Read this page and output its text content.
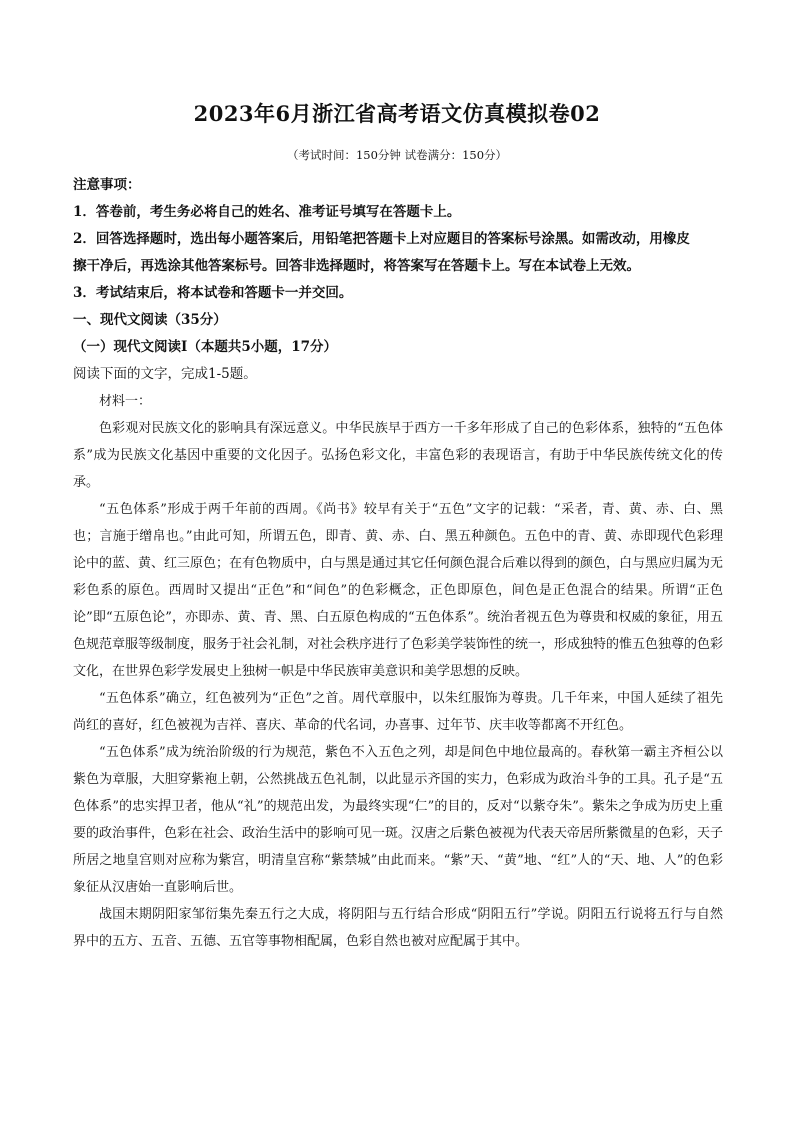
2023年6月浙江省高考语文仿真模拟卷02
（考试时间：150分钟 试卷满分：150分）
注意事项：
1．答卷前，考生务必将自己的姓名、准考证号填写在答题卡上。
2．回答选择题时，选出每小题答案后，用铅笔把答题卡上对应题目的答案标号涂黑。如需改动，用橡皮
擦干净后，再选涂其他答案标号。回答非选择题时，将答案写在答题卡上。写在本试卷上无效。
3．考试结束后，将本试卷和答题卡一并交回。
一、现代文阅读（35分）
（一）现代文阅读Ⅰ（本题共5小题，17分）
阅读下面的文字，完成1-5题。
材料一：

色彩观对民族文化的影响具有深远意义。中华民族早于西方一千多年形成了自己的色彩体系，独特的“五色体系”成为民族文化基因中重要的文化因子。弘扬色彩文化，丰富色彩的表现语言，有助于中华民族传统文化的传承。

“五色体系”形成于两千年前的西周。《尚书》较早有关于“五色”文字的记载：“采者，青、黄、赤、白、黑也；言施于缯帛也。”由此可知，所谓五色，即青、黄、赤、白、黑五种颜色。五色中的青、黄、赤即现代色彩理论中的蓝、黄、红三原色；在有色物质中，白与黑是通过其它任何颜色混合后难以得到的颜色，白与黑应归属为无彩色系的原色。西周时又提出“正色”和“间色”的色彩概念，正色即原色，间色是正色混合的结果。所谓“正色论”即“五原色论”，亦即赤、黄、青、黑、白五原色构成的“五色体系”。统治者视五色为尊贵和权威的象征，用五色规范章服等级制度，服务于社会礼制，对社会秩序进行了色彩美学装饰性的统一，形成独特的惟五色独尊的色彩文化，在世界色彩学发展史上独树一帜是中华民族审美意识和美学思想的反映。

“五色体系”确立，红色被列为“正色”之首。周代章服中，以朱红服饰为尊贵。几千年来，中国人延续了祖先尚红的喜好，红色被视为吉祥、喜庆、革命的代名词，办喜事、过年节、庆丰收等都离不开红色。

“五色体系”成为统治阶级的行为规范，紫色不入五色之列，却是间色中地位最高的。春秋第一霸主齐桓公以紫色为章服，大胆穿紫袍上朝，公然挑战五色礼制，以此显示齐国的实力，色彩成为政治斗争的工具。孔子是“五色体系”的忠实捍卫者，他从“礼”的规范出发，为最终实现“仁”的目的，反对“以紫夺朱”。紫朱之争成为历史上重要的政治事件，色彩在社会、政治生活中的影响可见一斑。汉唐之后紫色被视为代表天帝居所紫微星的色彩，天子所居之地皇宫则对应称为紫宫，明清皇宫称“紫禁城”由此而来。“紫”天、“黄”地、“红”人的“天、地、人”的色彩象征从汉唐始一直影响后世。

战国末期阴阳家邹衍集先秦五行之大成，将阴阳与五行结合形成“阴阳五行”学说。阴阳五行说将五行与自然界中的五方、五音、五德、五官等事物相配属，色彩自然也被对应配属于其中。
